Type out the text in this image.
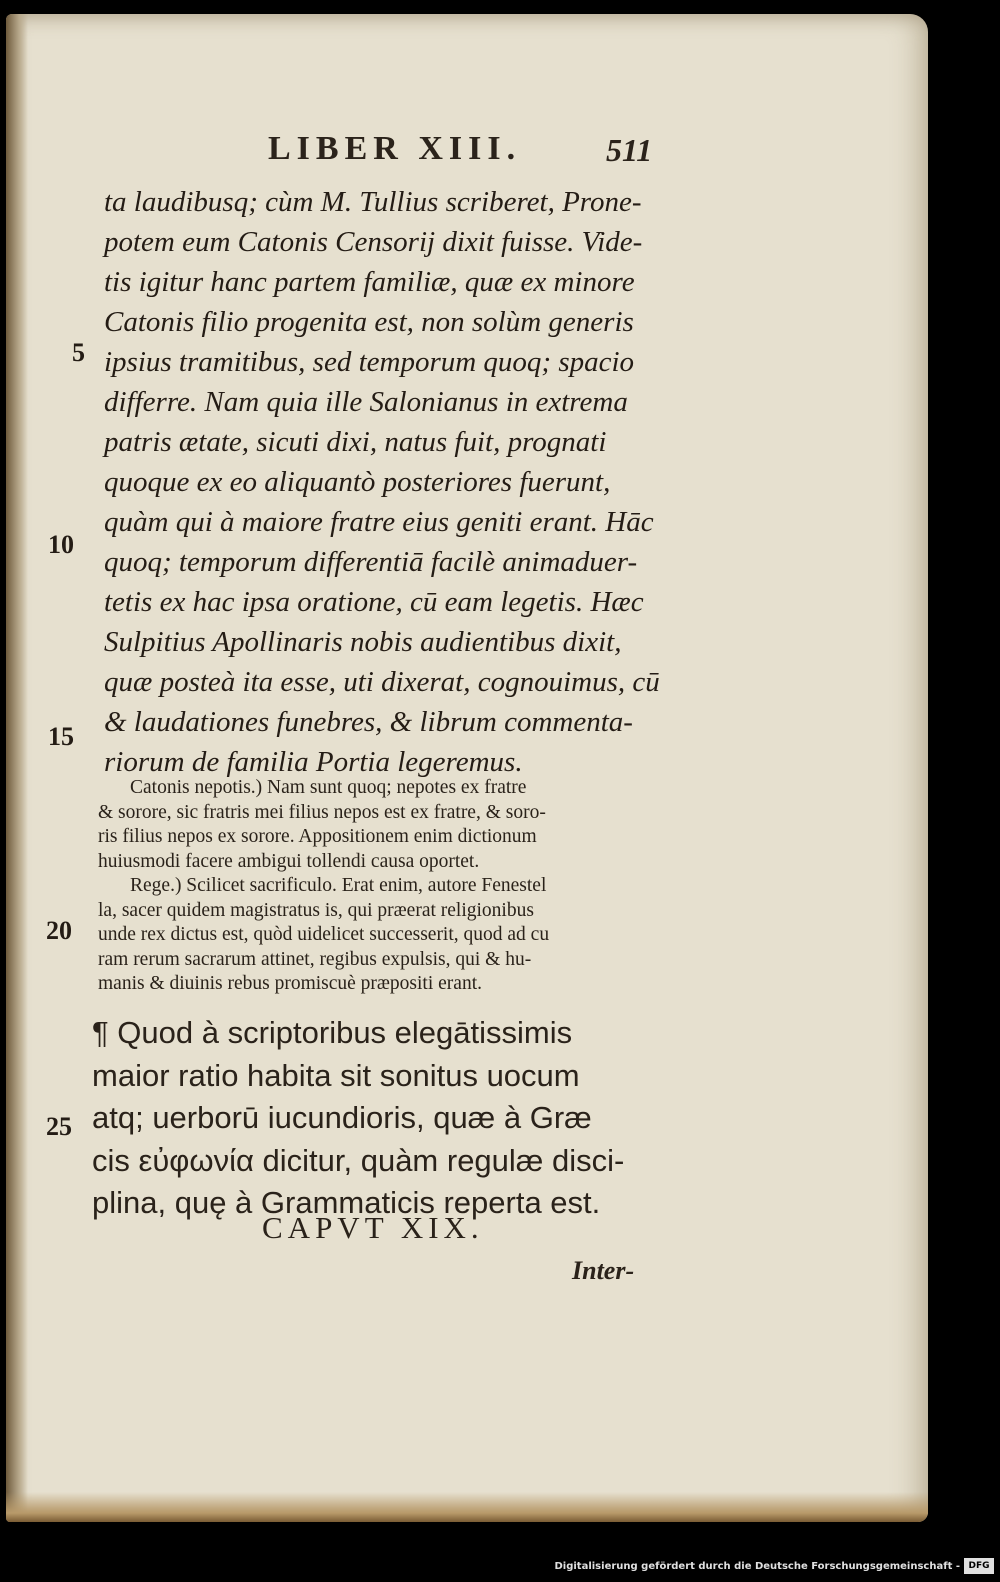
LIBER XIII.	511
ta laudibusq; cùm M. Tullius scriberet, Prone-
potem eum Catonis Censorij dixit fuisse. Vide-
tis igitur hanc partem familiæ, quæ ex minore
Catonis filio progenita est, non solùm generis
ipsius tramitibus, sed temporum quoq; spacio
differre. Nam quia ille Salonianus in extrema
patris ætate, sicuti dixi, natus fuit, prognati
quoque ex eo aliquantò posteriores fuerunt,
quàm qui à maiore fratre eius geniti erant. Hāc
quoq; temporum differentiā facilè animaduer-
tetis ex hac ipsa oratione, cū eam legetis. Hæc
Sulpitius Apollinaris nobis audientibus dixit,
quæ posteà ita esse, uti dixerat, cognouimus, cū
& laudationes funebres, & librum commenta-
riorum de familia Portia legeremus.
5
10
15
20
25
Catonis nepotis.) Nam sunt quoq; nepotes ex fratre
& sorore, sic fratris mei filius nepos est ex fratre, & soro-
ris filius nepos ex sorore. Appositionem enim dictionum
huiusmodi facere ambigui tollendi causa oportet.
Rege.) Scilicet sacrificulo. Erat enim, autore Fenestel
la, sacer quidem magistratus is, qui præerat religionibus
unde rex dictus est, quòd uidelicet successerit, quod ad cu
ram rerum sacrarum attinet, regibus expulsis, qui & hu-
manis & diuinis rebus promiscuè præpositi erant.
¶ Quod à scriptoribus elegātissimis
maior ratio habita sit sonitus uocum
atq; uerborū iucundioris, quæ à Græ
cis εὐφωνία dicitur, quàm regulæ disci-
plina, quę à Grammaticis reperta est.
CAPVT XIX.
Inter-
Digitalisierung gefördert durch die Deutsche Forschungsgemeinschaft - DFG
